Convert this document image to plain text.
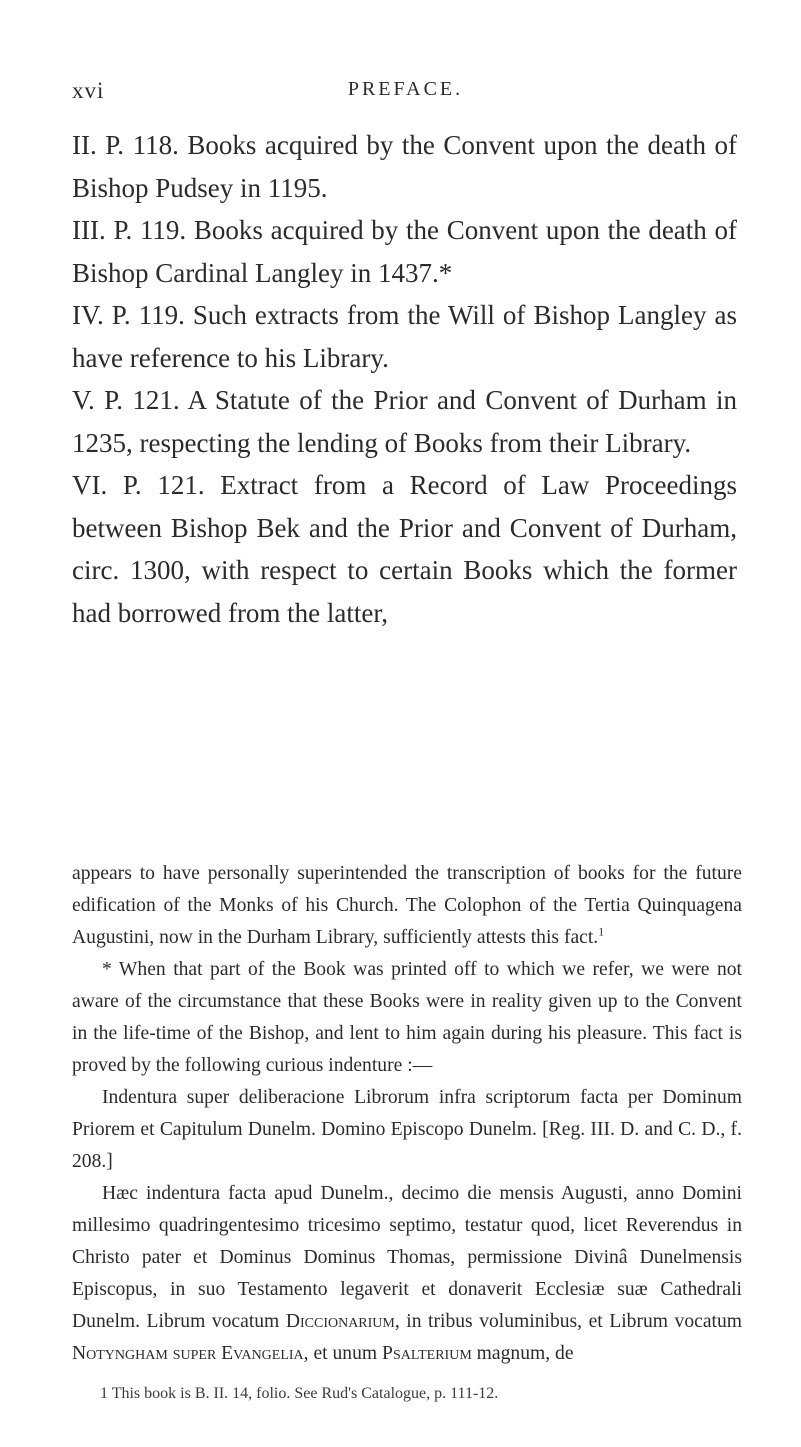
xvi	PREFACE.

II. P. 118. Books acquired by the Convent upon the death of Bishop Pudsey in 1195.

III. P. 119. Books acquired by the Convent upon the death of Bishop Cardinal Langley in 1437.*

IV. P. 119. Such extracts from the Will of Bishop Langley as have reference to his Library.

V. P. 121. A Statute of the Prior and Convent of Durham in 1235, respecting the lending of Books from their Library.

VI. P. 121. Extract from a Record of Law Proceedings between Bishop Bek and the Prior and Convent of Durham, circ. 1300, with respect to certain Books which the former had borrowed from the latter,

appears to have personally superintended the transcription of books for the future edification of the Monks of his Church. The Colophon of the Tertia Quinquagena Augustini, now in the Durham Library, sufficiently attests this fact.$^1$

* When that part of the Book was printed off to which we refer, we were not aware of the circumstance that these Books were in reality given up to the Convent in the life-time of the Bishop, and lent to him again during his pleasure. This fact is proved by the following curious indenture :—

Indentura super deliberacione Librorum infra scriptorum facta per Dominum Priorem et Capitulum Dunelm. Domino Episcopo Dunelm. [Reg. III. D. and C. D., f. 208.]

Hæc indentura facta apud Dunelm., decimo die mensis Augusti, anno Domini millesimo quadringentesimo tricesimo septimo, testatur quod, licet Reverendus in Christo pater et Dominus Dominus Thomas, permissione Divinâ Dunelmensis Episcopus, in suo Testamento legaverit et donaverit Ecclesiæ suæ Cathedrali Dunelm. Librum vocatum Diccionarium, in tribus voluminibus, et Librum vocatum Notyngham super Evangelia, et unum Psalterium magnum, de

1 This book is B. II. 14, folio. See Rud's Catalogue, p. 111-12.
